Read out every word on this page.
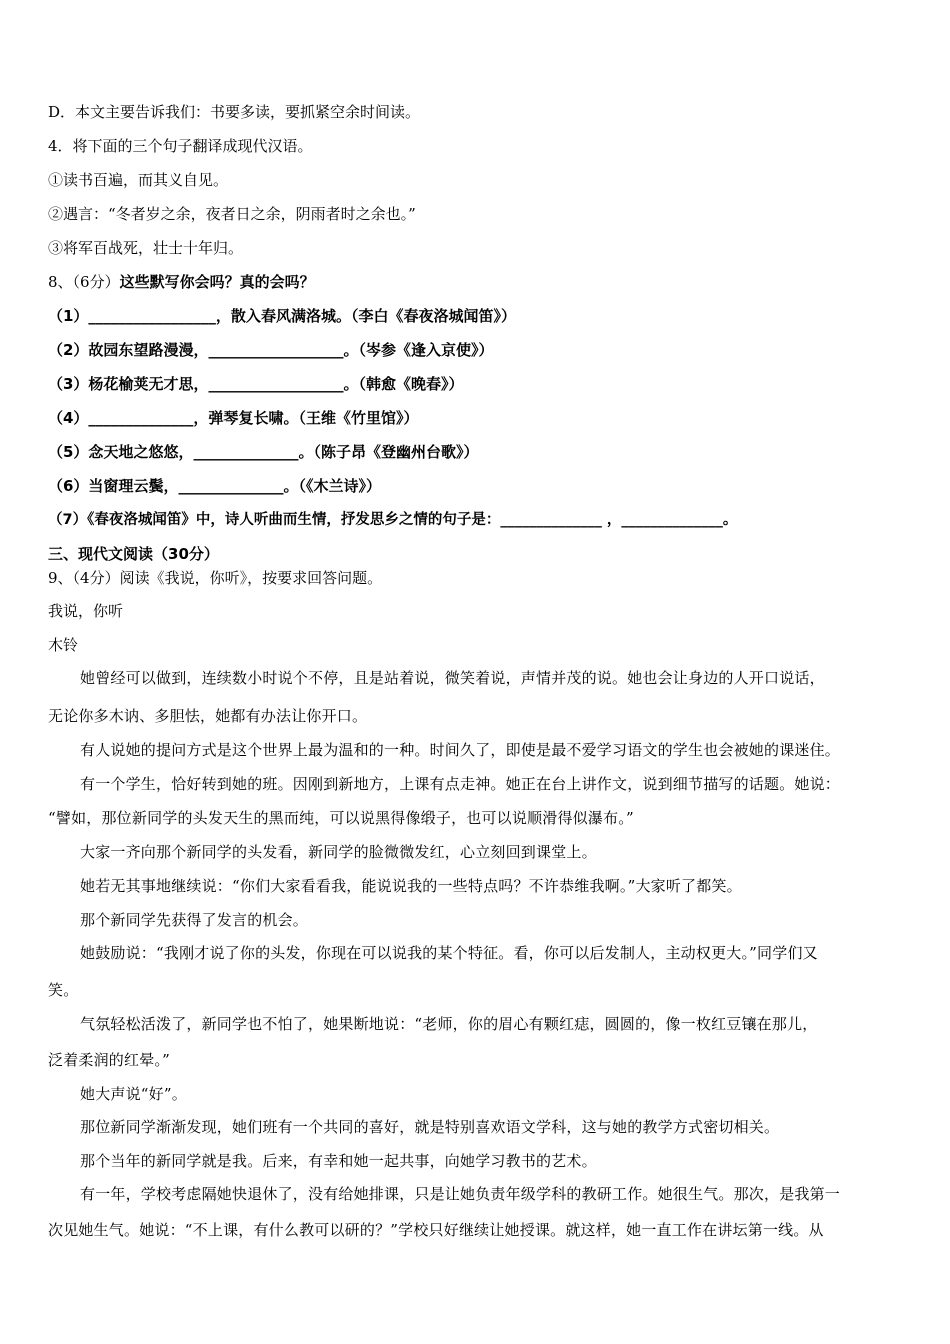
D．本文主要告诉我们：书要多读，要抓紧空余时间读。
4．将下面的三个句子翻译成现代汉语。
①读书百遍，而其义自见。
②遇言：“冬者岁之余，夜者日之余，阴雨者时之余也。”
③将军百战死，壮士十年归。
8、（6分）这些默写你会吗？真的会吗？
（1）_________________，散入春风满洛城。（李白《春夜洛城闻笛》）
（2）故园东望路漫漫，__________________。（岑参《逢入京使》）
（3）杨花榆荚无才思，__________________。（韩愈《晚春》）
（4）______________，弹琴复长啸。（王维《竹里馆》）
（5）念天地之悠悠，______________。（陈子昂《登幽州台歌》）
（6）当窗理云鬓，______________。（《木兰诗》）
（7）《春夜洛城闻笛》中，诗人听曲而生情，抒发思乡之情的句子是：______________ ，______________。
三、现代文阅读（30分）
9、（4分）阅读《我说，你听》，按要求回答问题。
我说，你听
木铃
她曾经可以做到，连续数小时说个不停，且是站着说，微笑着说，声情并茂的说。她也会让身边的人开口说话，
无论你多木讷、多胆怯，她都有办法让你开口。
有人说她的提问方式是这个世界上最为温和的一种。时间久了，即使是最不爱学习语文的学生也会被她的课迷住。
有一个学生，恰好转到她的班。因刚到新地方，上课有点走神。她正在台上讲作文，说到细节描写的话题。她说：
“譬如，那位新同学的头发天生的黑而纯，可以说黑得像缎子，也可以说顺滑得似瀑布。”
大家一齐向那个新同学的头发看，新同学的脸微微发红，心立刻回到课堂上。
她若无其事地继续说：“你们大家看看我，能说说我的一些特点吗？不许恭维我啊。”大家听了都笑。
那个新同学先获得了发言的机会。
她鼓励说：“我刚才说了你的头发，你现在可以说我的某个特征。看，你可以后发制人，主动权更大。”同学们又
笑。
气氛轻松活泼了，新同学也不怕了，她果断地说：“老师，你的眉心有颗红痣，圆圆的，像一枚红豆镶在那儿，
泛着柔润的红晕。”
她大声说“好”。
那位新同学渐渐发现，她们班有一个共同的喜好，就是特别喜欢语文学科，这与她的教学方式密切相关。
那个当年的新同学就是我。后来，有幸和她一起共事，向她学习教书的艺术。
有一年，学校考虑隔她快退休了，没有给她排课，只是让她负责年级学科的教研工作。她很生气。那次，是我第一
次见她生气。她说：“不上课，有什么教可以研的？”学校只好继续让她授课。就这样，她一直工作在讲坛第一线。从
